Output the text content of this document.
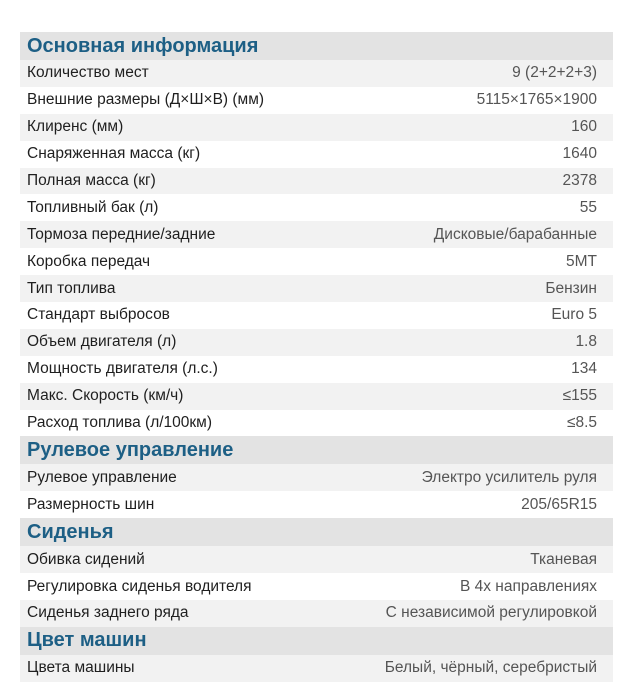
Основная информация
Количество мест	9 (2+2+2+3)
Внешние размеры (Д×Ш×В) (мм)	5115×1765×1900
Клиренс (мм)	160
Снаряженная масса (кг)	1640
Полная масса (кг)	2378
Топливный бак (л)	55
Тормоза передние/задние	Дисковые/барабанные
Коробка передач	5МТ
Тип топлива	Бензин
Стандарт выбросов	Euro 5
Объем двигателя (л)	1.8
Мощность двигателя (л.с.)	134
Макс. Скорость (км/ч)	≤155
Расход топлива (л/100км)	≤8.5
Рулевое управление
Рулевое управление	Электро усилитель руля
Размерность шин	205/65R15
Сиденья
Обивка сидений	Тканевая
Регулировка сиденья водителя	В 4х направлениях
Сиденья заднего ряда	С независимой регулировкой
Цвет машин
Цвета машины	Белый, чёрный, серебристый
